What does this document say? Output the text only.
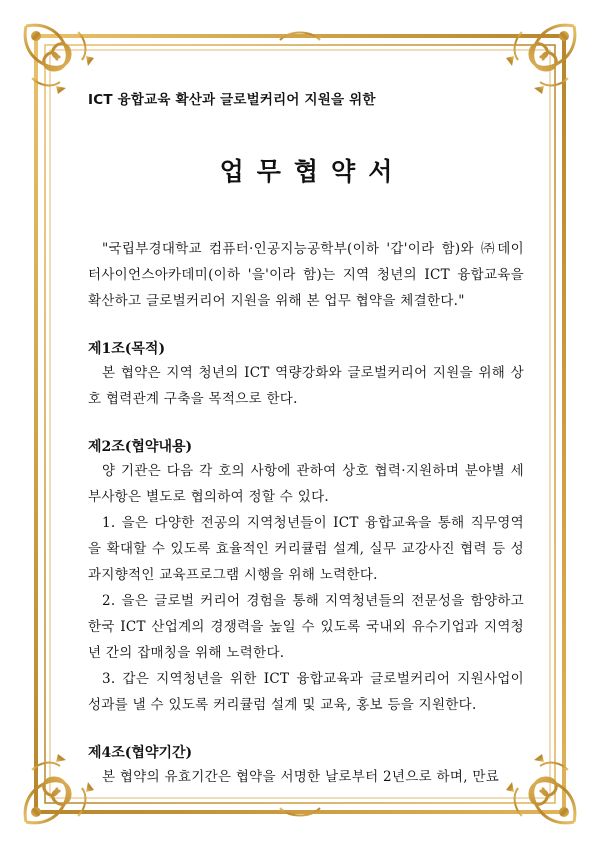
ICT 융합교육 확산과 글로벌커리어 지원을 위한

업무협약서

"국립부경대학교 컴퓨터·인공지능공학부(이하 '갑'이라 함)와 ㈜데이터사이언스아카데미(이하 '을'이라 함)는 지역 청년의 ICT 융합교육을 확산하고 글로벌커리어 지원을 위해 본 업무 협약을 체결한다."

제1조(목적)

본 협약은 지역 청년의 ICT 역량강화와 글로벌커리어 지원을 위해 상호 협력관계 구축을 목적으로 한다.

제2조(협약내용)

양 기관은 다음 각 호의 사항에 관하여 상호 협력·지원하며 분야별 세부사항은 별도로 협의하여 정할 수 있다.

1. 을은 다양한 전공의 지역청년들이 ICT 융합교육을 통해 직무영역을 확대할 수 있도록 효율적인 커리큘럼 설계, 실무 교강사진 협력 등 성과지향적인 교육프로그램 시행을 위해 노력한다.

2. 을은 글로벌 커리어 경험을 통해 지역청년들의 전문성을 함양하고 한국 ICT 산업계의 경쟁력을 높일 수 있도록 국내외 유수기업과 지역청년 간의 잡매칭을 위해 노력한다.

3. 갑은 지역청년을 위한 ICT 융합교육과 글로벌커리어 지원사업이 성과를 낼 수 있도록 커리큘럼 설계 및 교육, 홍보 등을 지원한다.

제4조(협약기간)

본 협약의 유효기간은 협약을 서명한 날로부터 2년으로 하며, 만료
